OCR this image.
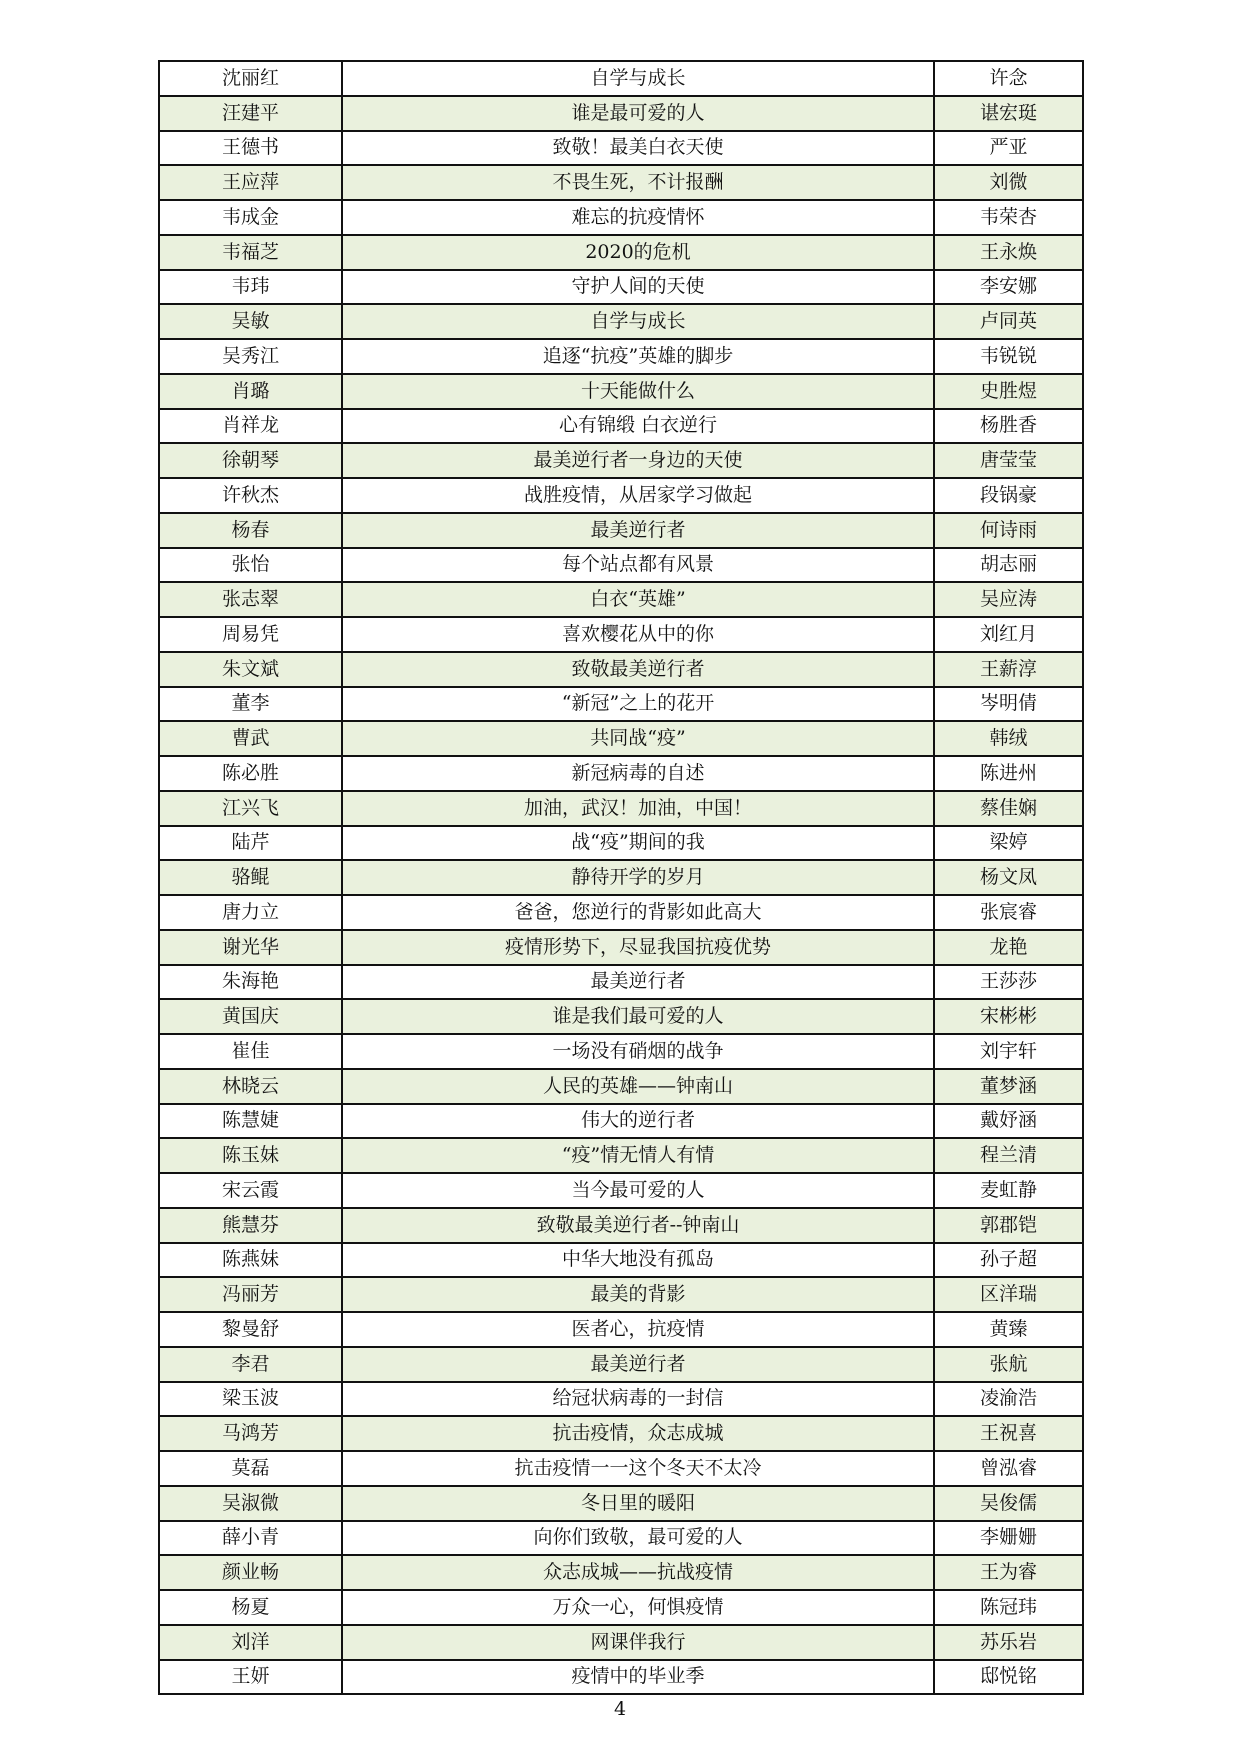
沈丽红	自学与成长	许念
汪建平	谁是最可爱的人	谌宏珽
王德书	致敬！最美白衣天使	严亚
王应萍	不畏生死，不计报酬	刘微
韦成金	难忘的抗疫情怀	韦荣杏
韦福芝	2020的危机	王永焕
韦玮	守护人间的天使	李安娜
吴敏	自学与成长	卢同英
吴秀江	追逐“抗疫”英雄的脚步	韦锐锐
肖璐	十天能做什么	史胜煜
肖祥龙	心有锦缎 白衣逆行	杨胜香
徐朝琴	最美逆行者一身边的天使	唐莹莹
许秋杰	战胜疫情，从居家学习做起	段锅豪
杨春	最美逆行者	何诗雨
张怡	每个站点都有风景	胡志丽
张志翠	白衣“英雄”	吴应涛
周易凭	喜欢樱花从中的你	刘红月
朱文斌	致敬最美逆行者	王薪淳
董李	“新冠”之上的花开	岑明倩
曹武	共同战“疫”	韩绒
陈必胜	新冠病毒的自述	陈进州
江兴飞	加油，武汉！加油，中国！	蔡佳娴
陆芹	战“疫”期间的我	梁婷
骆鲲	静待开学的岁月	杨文凤
唐力立	爸爸，您逆行的背影如此高大	张宸睿
谢光华	疫情形势下，尽显我国抗疫优势	龙艳
朱海艳	最美逆行者	王莎莎
黄国庆	谁是我们最可爱的人	宋彬彬
崔佳	一场没有硝烟的战争	刘宇轩
林晓云	人民的英雄——钟南山	董梦涵
陈慧婕	伟大的逆行者	戴妤涵
陈玉妹	“疫”情无情人有情	程兰清
宋云霞	当今最可爱的人	麦虹静
熊慧芬	致敬最美逆行者--钟南山	郭郡铠
陈燕妹	中华大地没有孤岛	孙子超
冯丽芳	最美的背影	区洋瑞
黎曼舒	医者心，抗疫情	黄臻
李君	最美逆行者	张航
梁玉波	给冠状病毒的一封信	凌渝浩
马鸿芳	抗击疫情，众志成城	王祝喜
莫磊	抗击疫情一一这个冬天不太冷	曾泓睿
吴淑微	冬日里的暖阳	吴俊儒
薛小青	向你们致敬，最可爱的人	李姗姗
颜业畅	众志成城——抗战疫情	王为睿
杨夏	万众一心，何惧疫情	陈冠玮
刘洋	网课伴我行	苏乐岩
王妍	疫情中的毕业季	邸悦铭
4
